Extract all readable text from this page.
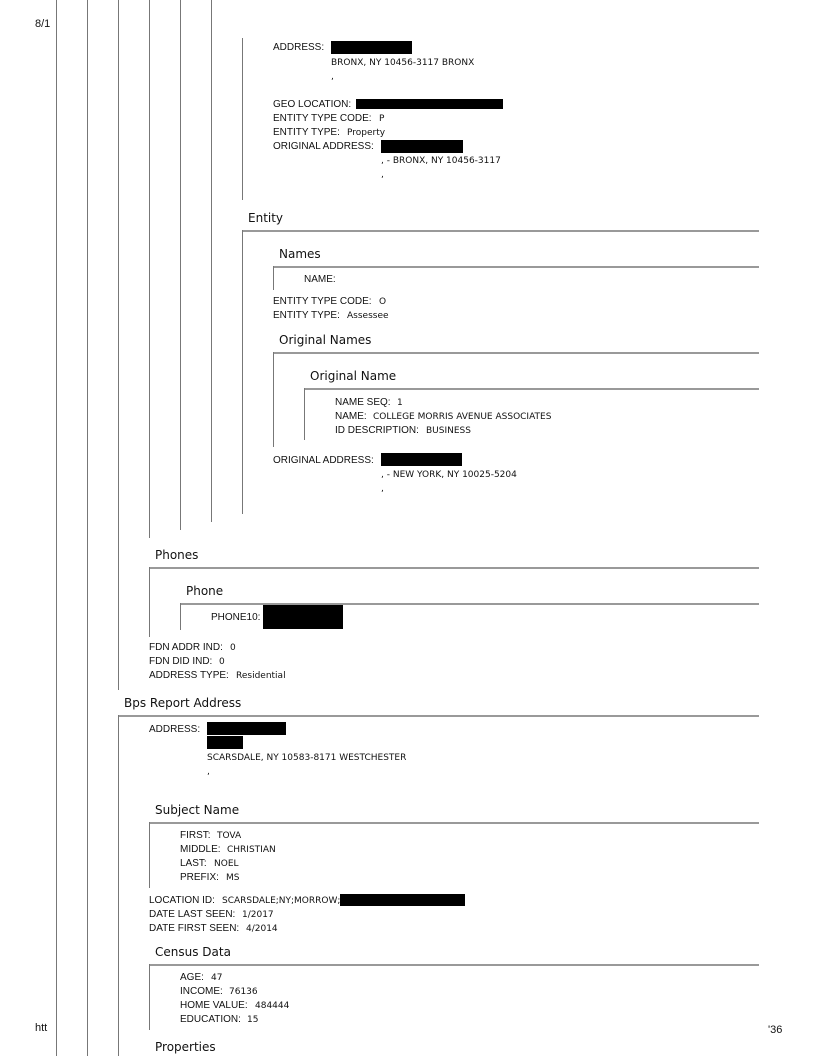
8/1
htt	'36
ADDRESS:
BRONX, NY 10456-3117 BRONX
,
GEO LOCATION:
ENTITY TYPE CODE: P
ENTITY TYPE: Property
ORIGINAL ADDRESS:
, - BRONX, NY 10456-3117
,
Entity
Names
NAME:
ENTITY TYPE CODE: O
ENTITY TYPE: Assessee
Original Names
Original Name
NAME SEQ: 1
NAME: COLLEGE MORRIS AVENUE ASSOCIATES
ID DESCRIPTION: BUSINESS
ORIGINAL ADDRESS:
, - NEW YORK, NY 10025-5204
,
Phones
Phone
PHONE10:
FDN ADDR IND: 0
FDN DID IND: 0
ADDRESS TYPE: Residential
Bps Report Address
ADDRESS:
SCARSDALE, NY 10583-8171 WESTCHESTER
,
Subject Name
FIRST: TOVA
MIDDLE: CHRISTIAN
LAST: NOEL
PREFIX: MS
LOCATION ID: SCARSDALE;NY;MORROW;
DATE LAST SEEN: 1/2017
DATE FIRST SEEN: 4/2014
Census Data
AGE: 47
INCOME: 76136
HOME VALUE: 484444
EDUCATION: 15
Properties
